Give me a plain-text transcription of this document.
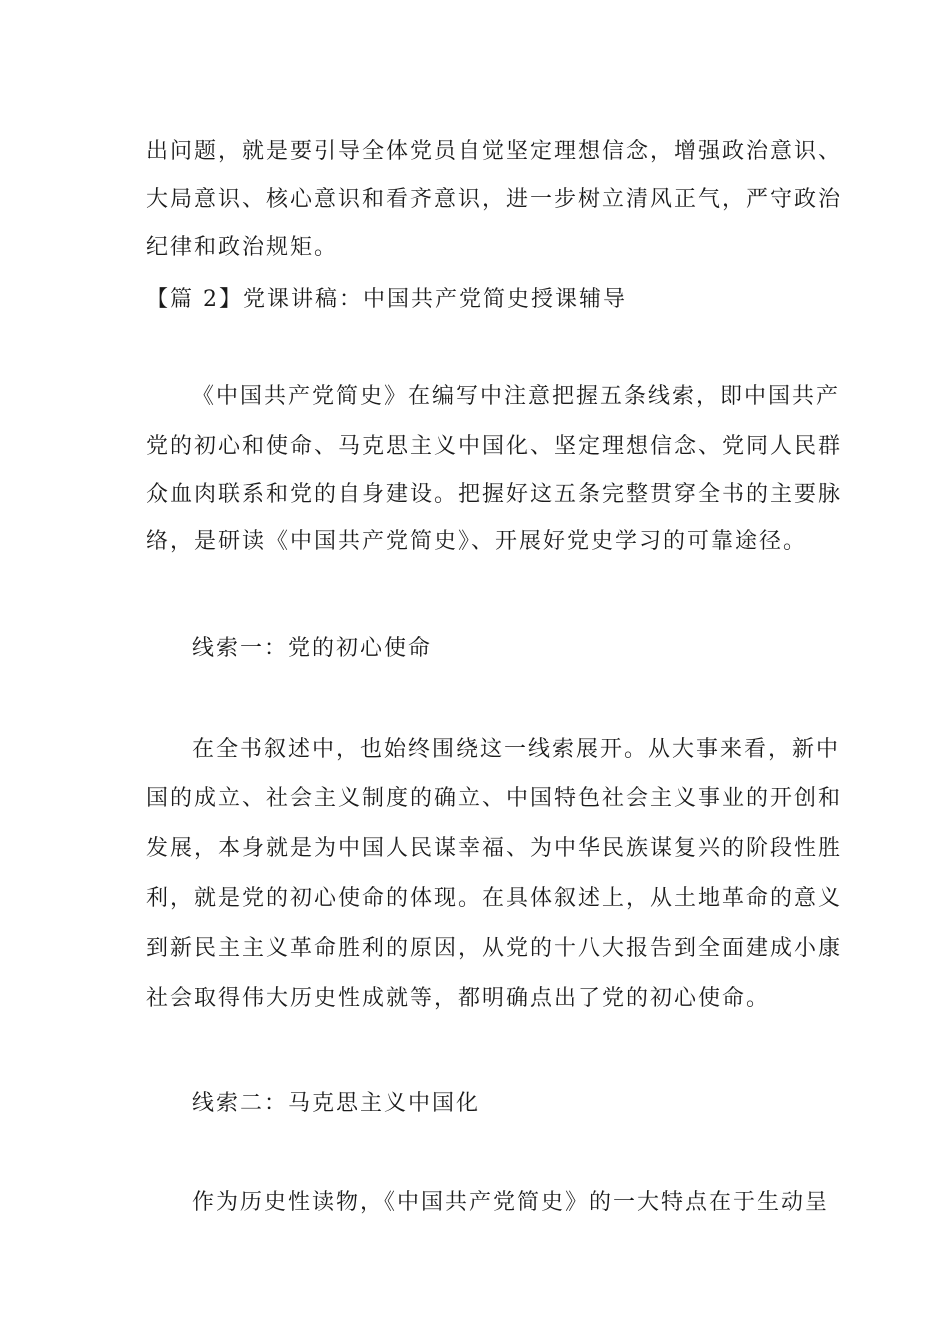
出问题，就是要引导全体党员自觉坚定理想信念，增强政治意识、
大局意识、核心意识和看齐意识，进一步树立清风正气，严守政治
纪律和政治规矩。
【篇 2】党课讲稿：中国共产党简史授课辅导
《中国共产党简史》在编写中注意把握五条线索，即中国共产
党的初心和使命、马克思主义中国化、坚定理想信念、党同人民群
众血肉联系和党的自身建设。把握好这五条完整贯穿全书的主要脉
络，是研读《中国共产党简史》、开展好党史学习的可靠途径。
线索一：党的初心使命
在全书叙述中，也始终围绕这一线索展开。从大事来看，新中
国的成立、社会主义制度的确立、中国特色社会主义事业的开创和
发展，本身就是为中国人民谋幸福、为中华民族谋复兴的阶段性胜
利，就是党的初心使命的体现。在具体叙述上，从土地革命的意义
到新民主主义革命胜利的原因，从党的十八大报告到全面建成小康
社会取得伟大历史性成就等，都明确点出了党的初心使命。
线索二：马克思主义中国化
作为历史性读物，《中国共产党简史》的一大特点在于生动呈
